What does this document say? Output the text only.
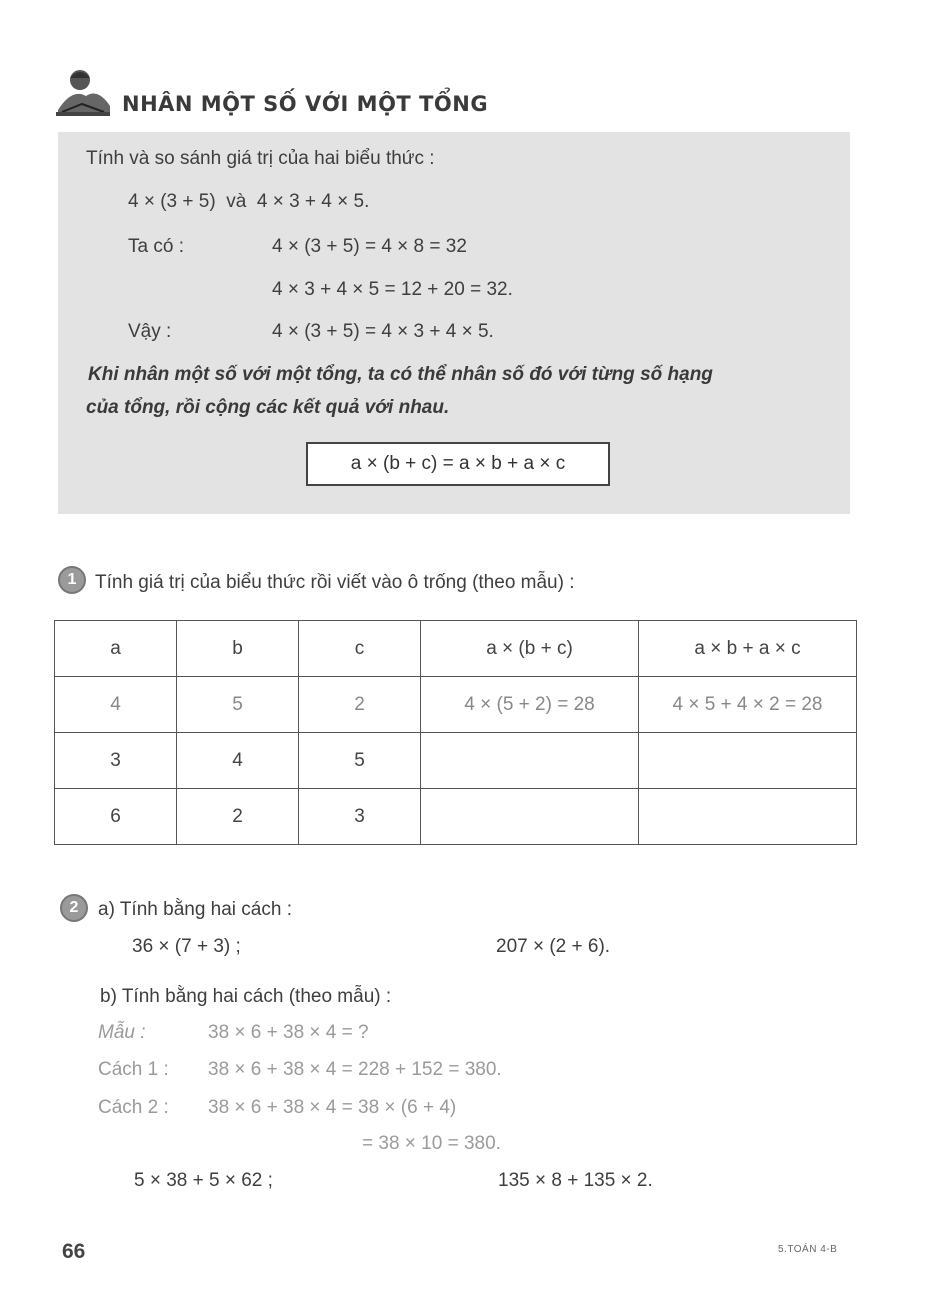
NHÂN MỘT SỐ VỚI MỘT TỔNG
Tính và so sánh giá trị của hai biểu thức :
4 × (3 + 5)  và  4 × 3 + 4 × 5.
Ta có :	4 × (3 + 5) = 4 × 8 = 32
4 × 3 + 4 × 5 = 12 + 20 = 32.
Vậy :	4 × (3 + 5) = 4 × 3 + 4 × 5.
Khi nhân một số với một tổng, ta có thể nhân số đó với từng số hạng
của tổng, rồi cộng các kết quả với nhau.
a × (b + c) = a × b + a × c
1 Tính giá trị của biểu thức rồi viết vào ô trống (theo mẫu) :
a	b	c	a × (b + c)	a × b + a × c
4	5	2	4 × (5 + 2) = 28	4 × 5 + 4 × 2 = 28
3	4	5		
6	2	3		
2 a) Tính bằng hai cách :
36 × (7 + 3) ;	207 × (2 + 6).
b) Tính bằng hai cách (theo mẫu) :
Mẫu :	38 × 6 + 38 × 4 = ?
Cách 1 : 38 × 6 + 38 × 4 = 228 + 152 = 380.
Cách 2 : 38 × 6 + 38 × 4 = 38 × (6 + 4)
= 38 × 10 = 380.
5 × 38 + 5 × 62 ;	135 × 8 + 135 × 2.
66	5.TOÁN 4-B
